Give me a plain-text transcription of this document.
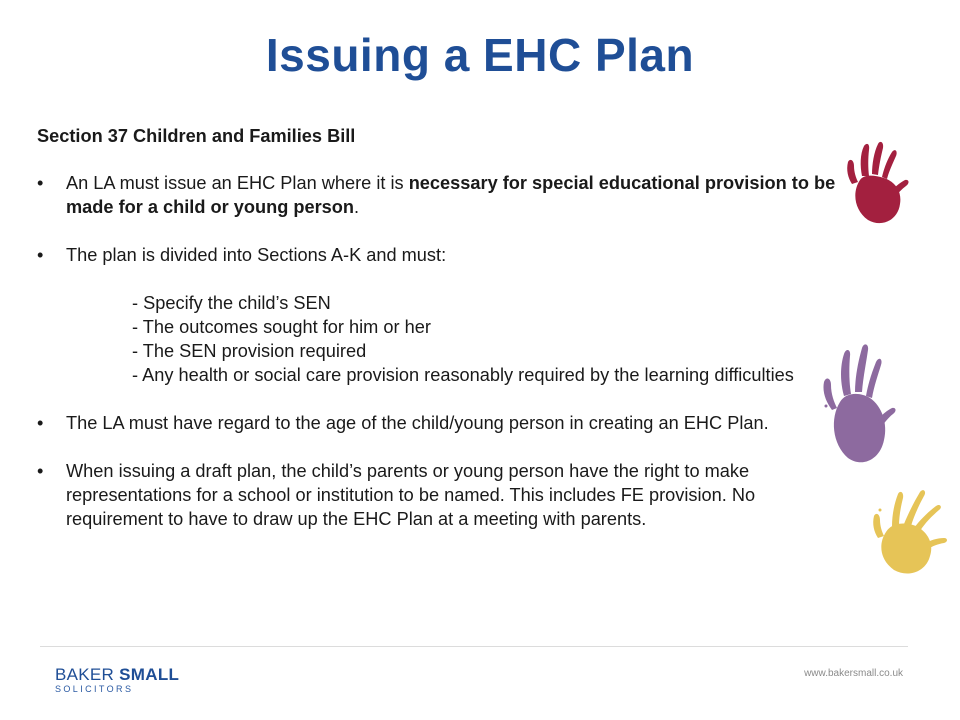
Issuing a EHC Plan

Section 37 Children and Families Bill

• An LA must issue an EHC Plan where it is necessary for special educational provision to be made for a child or young person.

• The plan is divided into Sections A-K and must:

- Specify the child’s SEN

- The outcomes sought for him or her

- The SEN provision required

- Any health or social care provision reasonably required by the learning difficulties

• The LA must have regard to the age of the child/young person in creating an EHC Plan.

• When issuing a draft plan, the child’s parents or young person have the right to make representations for a school or institution to be named. This includes FE provision. No requirement to have to draw up the EHC Plan at a meeting with parents.

BAKER SMALL
SOLICITORS
www.bakersmall.co.uk
